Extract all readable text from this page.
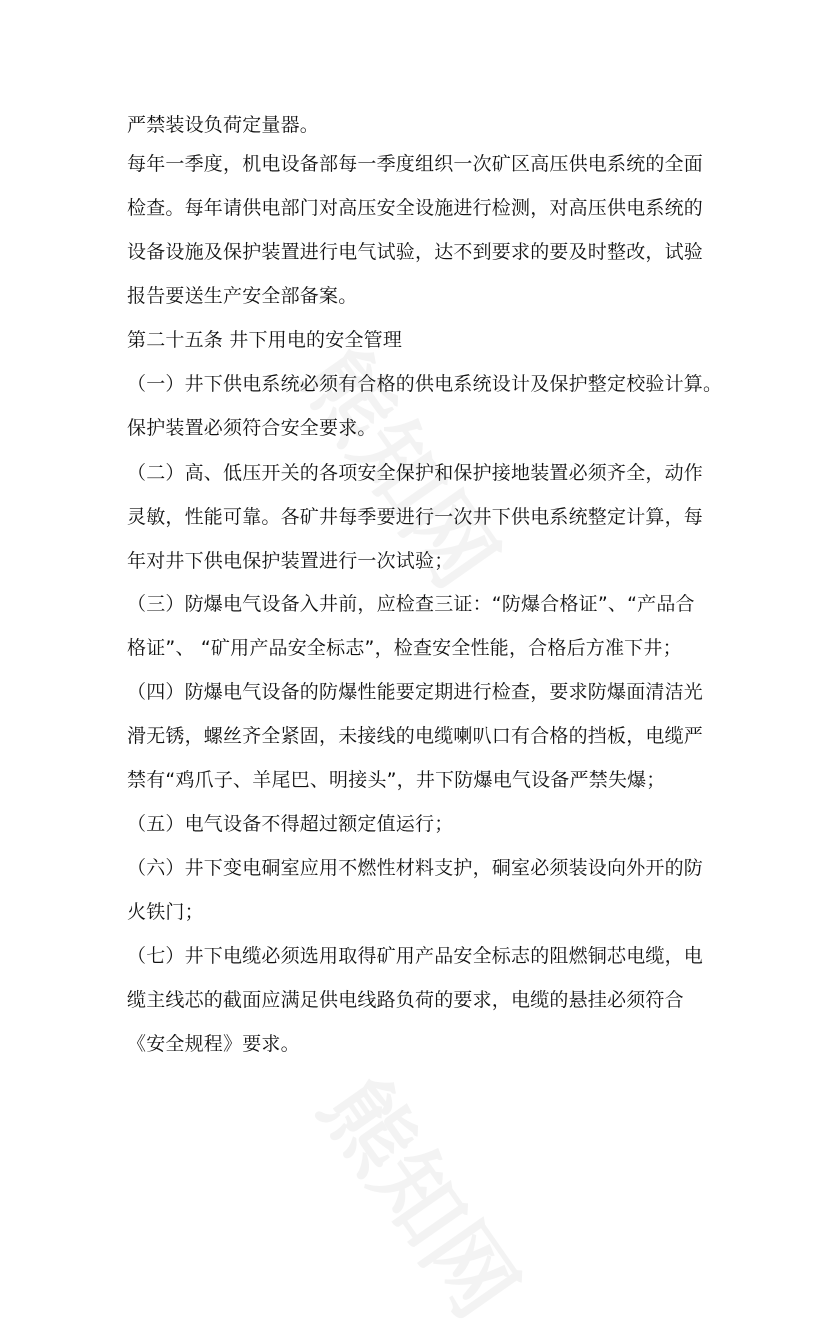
严禁装设负荷定量器。
每年一季度，机电设备部每一季度组织一次矿区高压供电系统的全面
检查。每年请供电部门对高压安全设施进行检测，对高压供电系统的
设备设施及保护装置进行电气试验，达不到要求的要及时整改，试验
报告要送生产安全部备案。
第二十五条 井下用电的安全管理
（一）井下供电系统必须有合格的供电系统设计及保护整定校验计算。
保护装置必须符合安全要求。
（二）高、低压开关的各项安全保护和保护接地装置必须齐全，动作
灵敏，性能可靠。各矿井每季要进行一次井下供电系统整定计算，每
年对井下供电保护装置进行一次试验；
（三）防爆电气设备入井前，应检查三证：“防爆合格证”、“产品合
格证”、 “矿用产品安全标志”，检查安全性能，合格后方准下井；
（四）防爆电气设备的防爆性能要定期进行检查，要求防爆面清洁光
滑无锈，螺丝齐全紧固，未接线的电缆喇叭口有合格的挡板，电缆严
禁有“鸡爪子、羊尾巴、明接头”，井下防爆电气设备严禁失爆；
（五）电气设备不得超过额定值运行；
（六）井下变电硐室应用不燃性材料支护，硐室必须装设向外开的防
火铁门；
（七）井下电缆必须选用取得矿用产品安全标志的阻燃铜芯电缆，电
缆主线芯的截面应满足供电线路负荷的要求，电缆的悬挂必须符合
《安全规程》要求。
